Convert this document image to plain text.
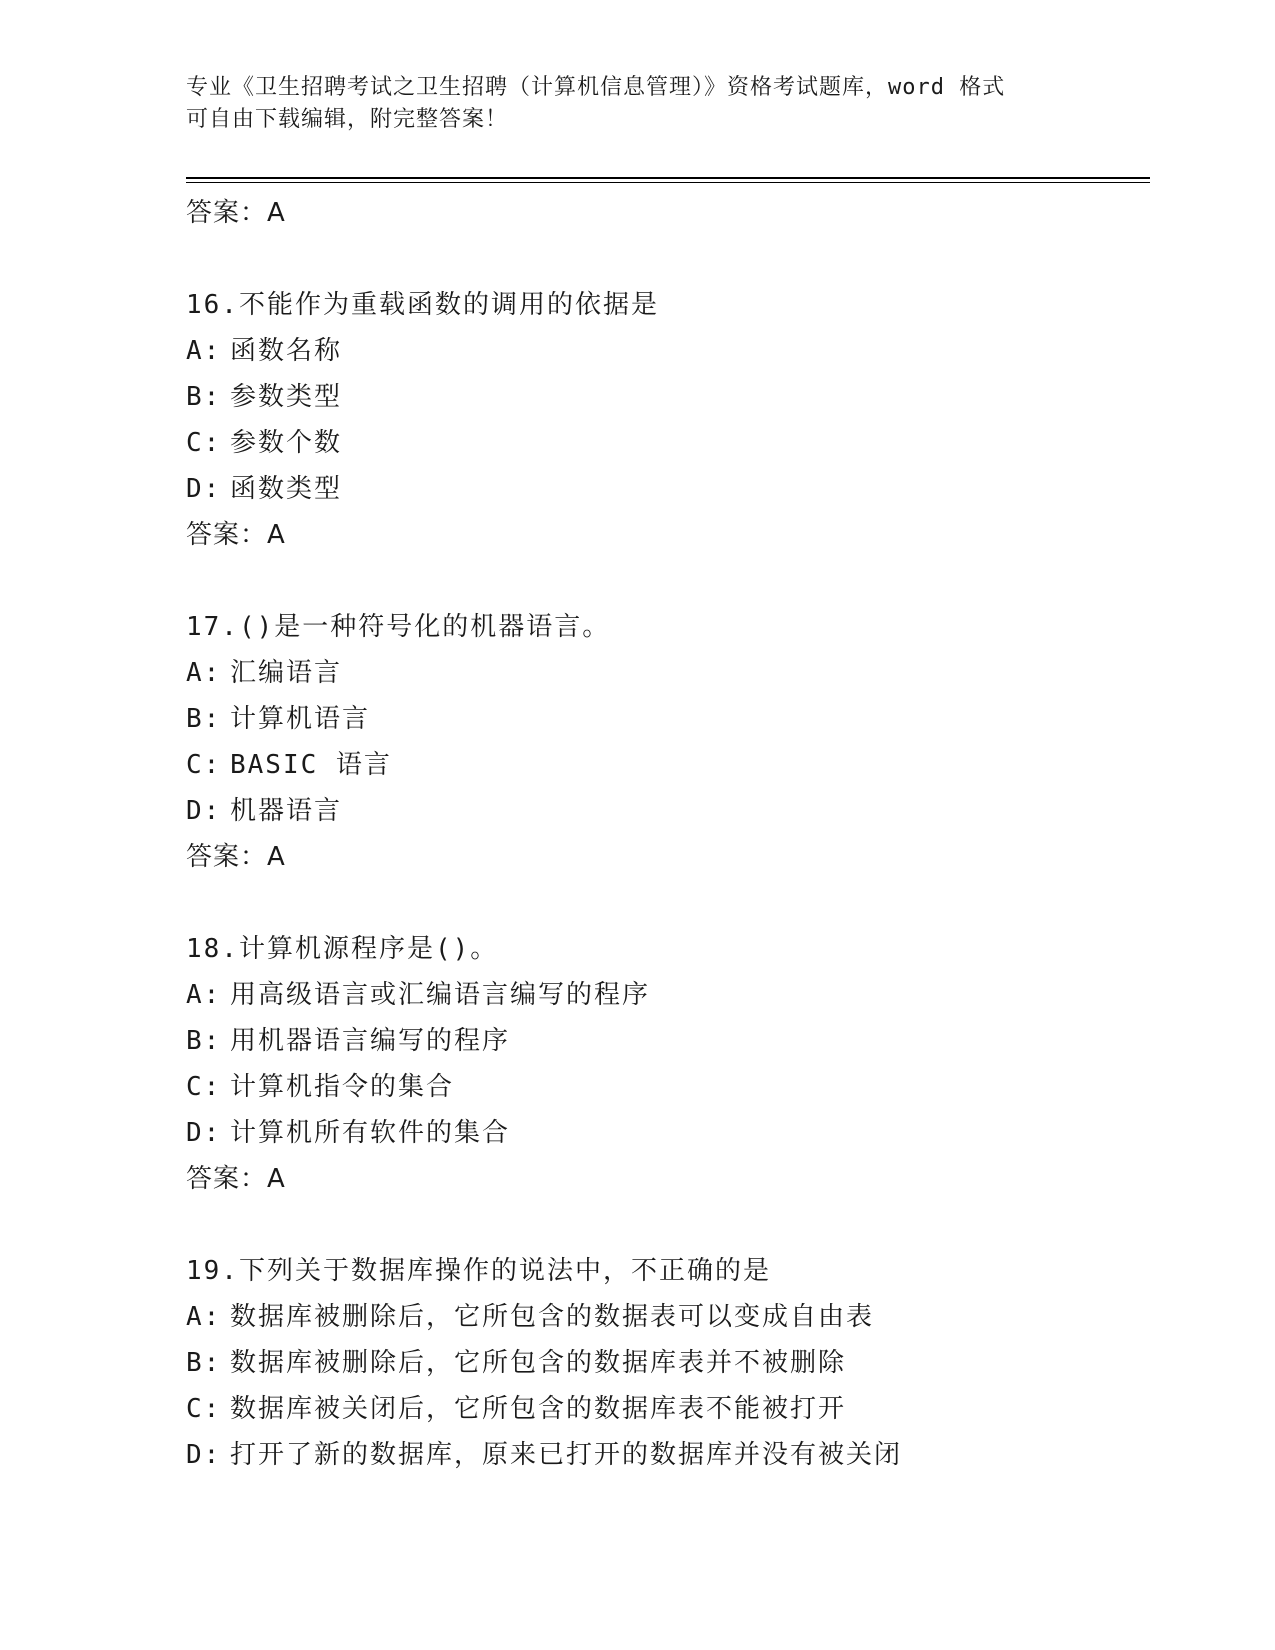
专业《卫生招聘考试之卫生招聘（计算机信息管理）》资格考试题库，word 格式
可自由下载编辑，附完整答案！
答案：A
16.不能作为重载函数的调用的依据是
A: 函数名称
B: 参数类型
C: 参数个数
D: 函数类型
答案：A
17.()是一种符号化的机器语言。
A: 汇编语言
B: 计算机语言
C: BASIC 语言
D: 机器语言
答案：A
18.计算机源程序是()。
A: 用高级语言或汇编语言编写的程序
B: 用机器语言编写的程序
C: 计算机指令的集合
D: 计算机所有软件的集合
答案：A
19.下列关于数据库操作的说法中，不正确的是
A: 数据库被删除后，它所包含的数据表可以变成自由表
B: 数据库被删除后，它所包含的数据库表并不被删除
C: 数据库被关闭后，它所包含的数据库表不能被打开
D: 打开了新的数据库，原来已打开的数据库并没有被关闭
